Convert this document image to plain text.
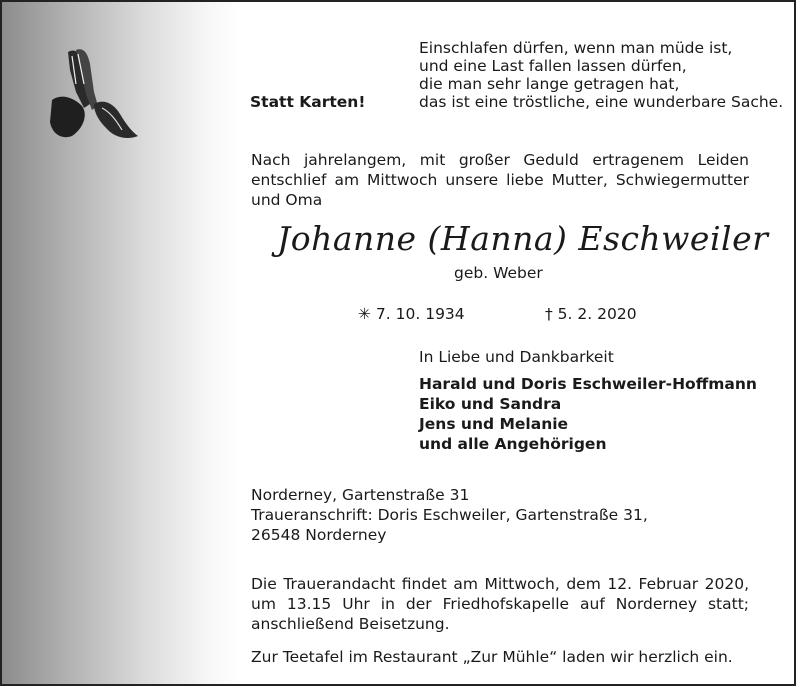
Statt Karten!
Einschlafen dürfen, wenn man müde ist,
und eine Last fallen lassen dürfen,
die man sehr lange getragen hat,
das ist eine tröstliche, eine wunderbare Sache.
Nach jahrelangem, mit großer Geduld ertragenem Leiden entschlief am Mittwoch unsere liebe Mutter, Schwiegermutter und Oma
Johanne (Hanna) Eschweiler
geb. Weber
✳ 7. 10. 1934	† 5. 2. 2020
In Liebe und Dankbarkeit
Harald und Doris Eschweiler-Hoffmann
Eiko und Sandra
Jens und Melanie
und alle Angehörigen
Norderney, Gartenstraße 31
Traueranschrift: Doris Eschweiler, Gartenstraße 31,
26548 Norderney
Die Trauerandacht findet am Mittwoch, dem 12. Februar 2020, um 13.15 Uhr in der Friedhofskapelle auf Norderney statt; anschließend Beisetzung.
Zur Teetafel im Restaurant „Zur Mühle“ laden wir herzlich ein.
